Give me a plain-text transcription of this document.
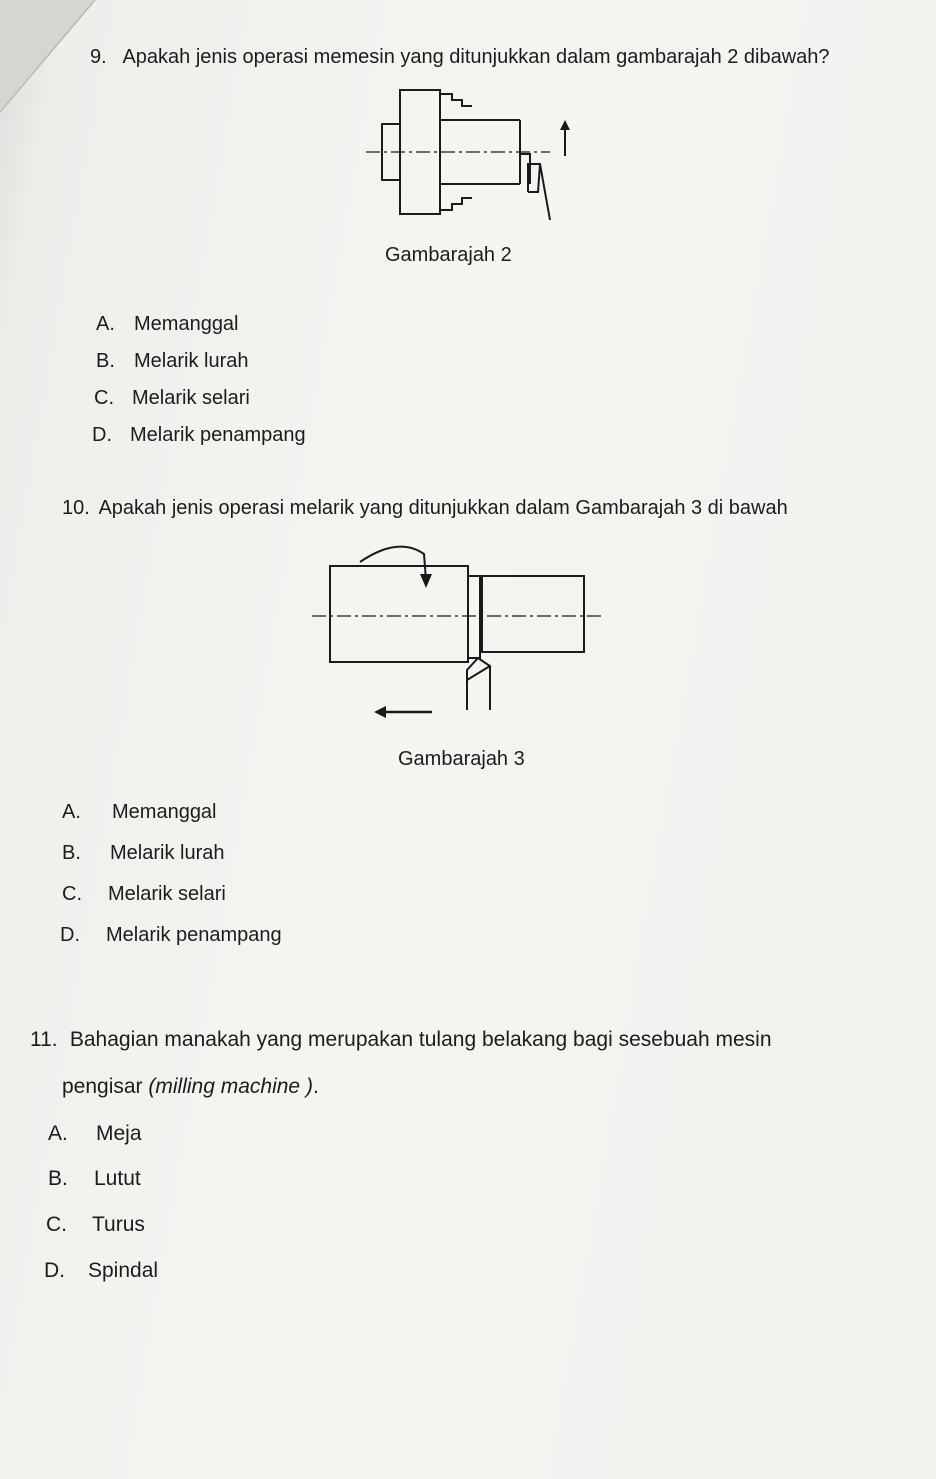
9. Apakah jenis operasi memesin yang ditunjukkan dalam gambarajah 2 dibawah?
Gambarajah 2
A. Memanggal
B. Melarik lurah
C. Melarik selari
D. Melarik penampang
10. Apakah jenis operasi melarik yang ditunjukkan dalam Gambarajah 3 di bawah
Gambarajah 3
A. Memanggal
B. Melarik lurah
C. Melarik selari
D. Melarik penampang
11. Bahagian manakah yang merupakan tulang belakang bagi sesebuah mesin
pengisar (milling machine ).
A. Meja
B. Lutut
C. Turus
D. Spindal
